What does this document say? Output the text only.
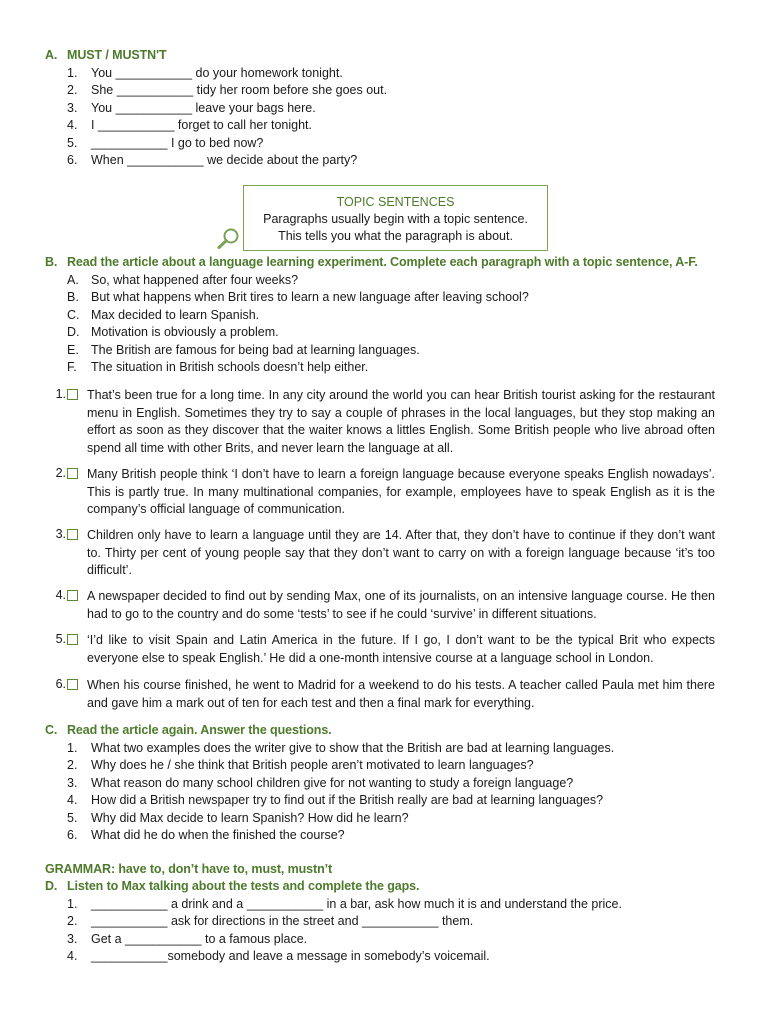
A. MUST / MUSTN'T
1. You ___________ do your homework tonight.
2. She ___________ tidy her room before she goes out.
3. You ___________ leave your bags here.
4. I ___________ forget to call her tonight.
5. ___________ I go to bed now?
6. When ___________ we decide about the party?
TOPIC SENTENCES
Paragraphs usually begin with a topic sentence.
This tells you what the paragraph is about.
B. Read the article about a language learning experiment. Complete each paragraph with a topic sentence, A-F.
A. So, what happened after four weeks?
B. But what happens when Brit tires to learn a new language after leaving school?
C. Max decided to learn Spanish.
D. Motivation is obviously a problem.
E. The British are famous for being bad at learning languages.
F. The situation in British schools doesn’t help either.
1. That’s been true for a long time. In any city around the world you can hear British tourist asking for the restaurant menu in English. Sometimes they try to say a couple of phrases in the local languages, but they stop making an effort as soon as they discover that the waiter knows a littles English. Some British people who live abroad often spend all time with other Brits, and never learn the language at all.
2. Many British people think ‘I don’t have to learn a foreign language because everyone speaks English nowadays’. This is partly true. In many multinational companies, for example, employees have to speak English as it is the company’s official language of communication.
3. Children only have to learn a language until they are 14. After that, they don’t have to continue if they don’t want to. Thirty per cent of young people say that they don’t want to carry on with a foreign language because ‘it’s too difficult’.
4. A newspaper decided to find out by sending Max, one of its journalists, on an intensive language course. He then had to go to the country and do some ‘tests’ to see if he could ‘survive’ in different situations.
5. ‘I’d like to visit Spain and Latin America in the future. If I go, I don’t want to be the typical Brit who expects everyone else to speak English.’ He did a one-month intensive course at a language school in London.
6. When his course finished, he went to Madrid for a weekend to do his tests. A teacher called Paula met him there and gave him a mark out of ten for each test and then a final mark for everything.
C. Read the article again. Answer the questions.
1. What two examples does the writer give to show that the British are bad at learning languages.
2. Why does he / she think that British people aren’t motivated to learn languages?
3. What reason do many school children give for not wanting to study a foreign language?
4. How did a British newspaper try to find out if the British really are bad at learning languages?
5. Why did Max decide to learn Spanish? How did he learn?
6. What did he do when the finished the course?
GRAMMAR: have to, don’t have to, must, mustn’t
D. Listen to Max talking about the tests and complete the gaps.
1. ___________ a drink and a ___________ in a bar, ask how much it is and understand the price.
2. ___________ ask for directions in the street and ___________ them.
3. Get a ___________ to a famous place.
4. ___________somebody and leave a message in somebody’s voicemail.
